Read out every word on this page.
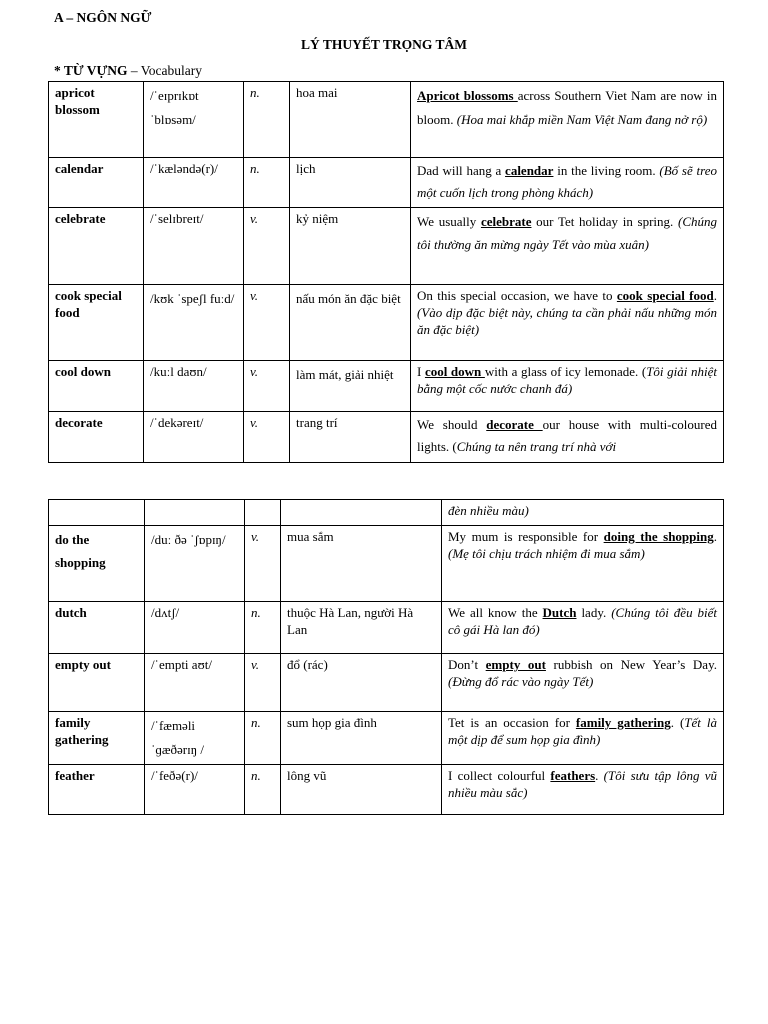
A – NGÔN NGỮ
LÝ THUYẾT TRỌNG TÂM
* TỪ VỰNG – Vocabulary
apricot blossom	/ˈeɪprɪkɒt ˈblɒsəm/	n.	hoa mai	Apricot blossoms across Southern Viet Nam are now in bloom. (Hoa mai khắp miền Nam Việt Nam đang nở rộ)
calendar	/ˈkæləndə(r)/	n.	lịch	Dad will hang a calendar in the living room. (Bố sẽ treo một cuốn lịch trong phòng khách)
celebrate	/ˈselɪbreɪt/	v.	kỷ niệm	We usually celebrate our Tet holiday in spring. (Chúng tôi thường ăn mừng ngày Tết vào mùa xuân)
cook special food	/kʊk ˈspeʃl fuːd/	v.	nấu món ăn đặc biệt	On this special occasion, we have to cook special food. (Vào dịp đặc biệt này, chúng ta cần phải nấu những món ăn đặc biệt)
cool down	/kuːl daʊn/	v.	làm mát, giải nhiệt	I cool down with a glass of icy lemonade. (Tôi giải nhiệt bằng một cốc nước chanh đá)
decorate	/ˈdekəreɪt/	v.	trang trí	We should decorate our house with multi-coloured lights. (Chúng ta nên trang trí nhà với
				đèn nhiều màu)
do the shopping	/duː ðə ˈʃɒpɪŋ/	v.	mua sắm	My mum is responsible for doing the shopping. (Mẹ tôi chịu trách nhiệm đi mua sắm)
dutch	/dʌtʃ/	n.	thuộc Hà Lan, người Hà Lan	We all know the Dutch lady. (Chúng tôi đều biết cô gái Hà lan đó)
empty out	/ˈempti aʊt/	v.	đổ (rác)	Don’t empty out rubbish on New Year’s Day. (Đừng đổ rác vào ngày Tết)
family gathering	/ˈfæməli ˈɡæðərɪŋ /	n.	sum họp gia đình	Tet is an occasion for family gathering. (Tết là một dịp để sum họp gia đình)
feather	/ˈfeðə(r)/	n.	lông vũ	I collect colourful feathers. (Tôi sưu tập lông vũ nhiều màu sắc)
